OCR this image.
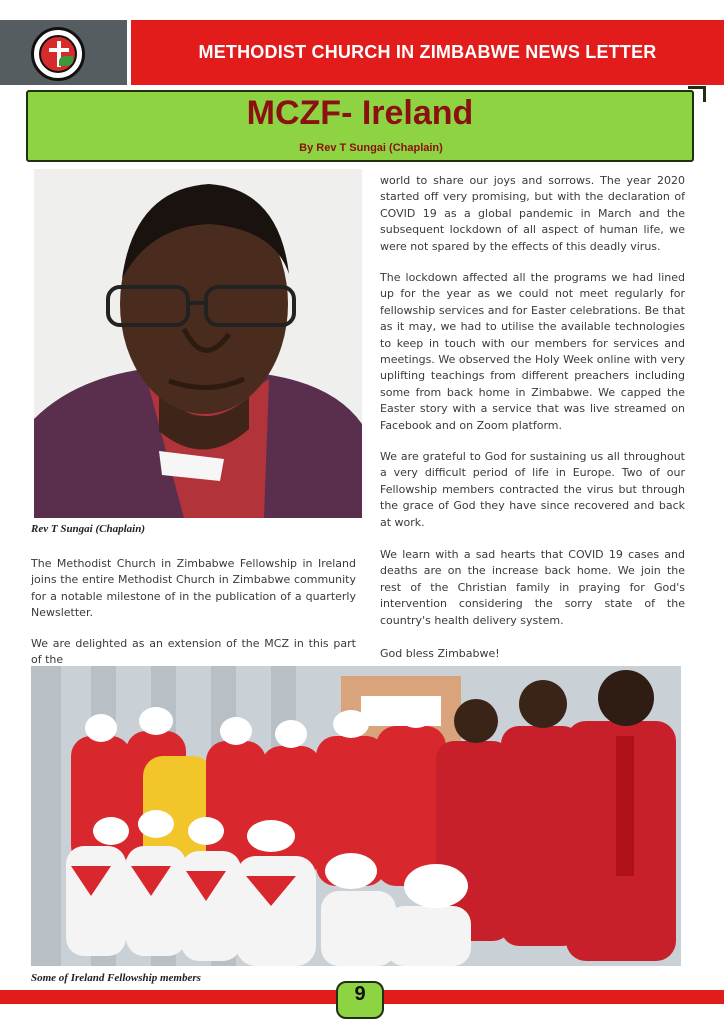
METHODIST CHURCH IN ZIMBABWE NEWS LETTER
MCZF- Ireland
By Rev T Sungai (Chaplain)
Rev T Sungai (Chaplain)

The Methodist Church in Zimbabwe Fellowship in Ireland joins the entire Methodist Church in Zimbabwe community for a notable milestone of in the publication of a quarterly Newsletter.

We are delighted as an extension of the MCZ in this part of the

world to share our joys and sorrows. The year 2020 started off very promising, but with the declaration of COVID 19 as a global pandemic in March and the subsequent lockdown of all aspect of human life, we were not spared by the effects of this deadly virus.

The lockdown affected all the programs we had lined up for the year as we could not meet regularly for fellowship services and for Easter celebrations. Be that as it may, we had to utilise the available technologies to keep in touch with our members for services and meetings. We observed the Holy Week online with very uplifting teachings from different preachers including some from back home in Zimbabwe. We capped the Easter story with a service that was live streamed on Facebook and on Zoom platform.

We are grateful to God for sustaining us all throughout a very difficult period of life in Europe. Two of our Fellowship members contracted the virus but through the grace of God they have since recovered and back at work.

We learn with a sad hearts that COVID 19 cases and deaths are on the increase back home. We join the rest of the Christian family in praying for God's intervention considering the sorry state of the country's health delivery system.

God bless Zimbabwe!

Some of Ireland Fellowship members
9
